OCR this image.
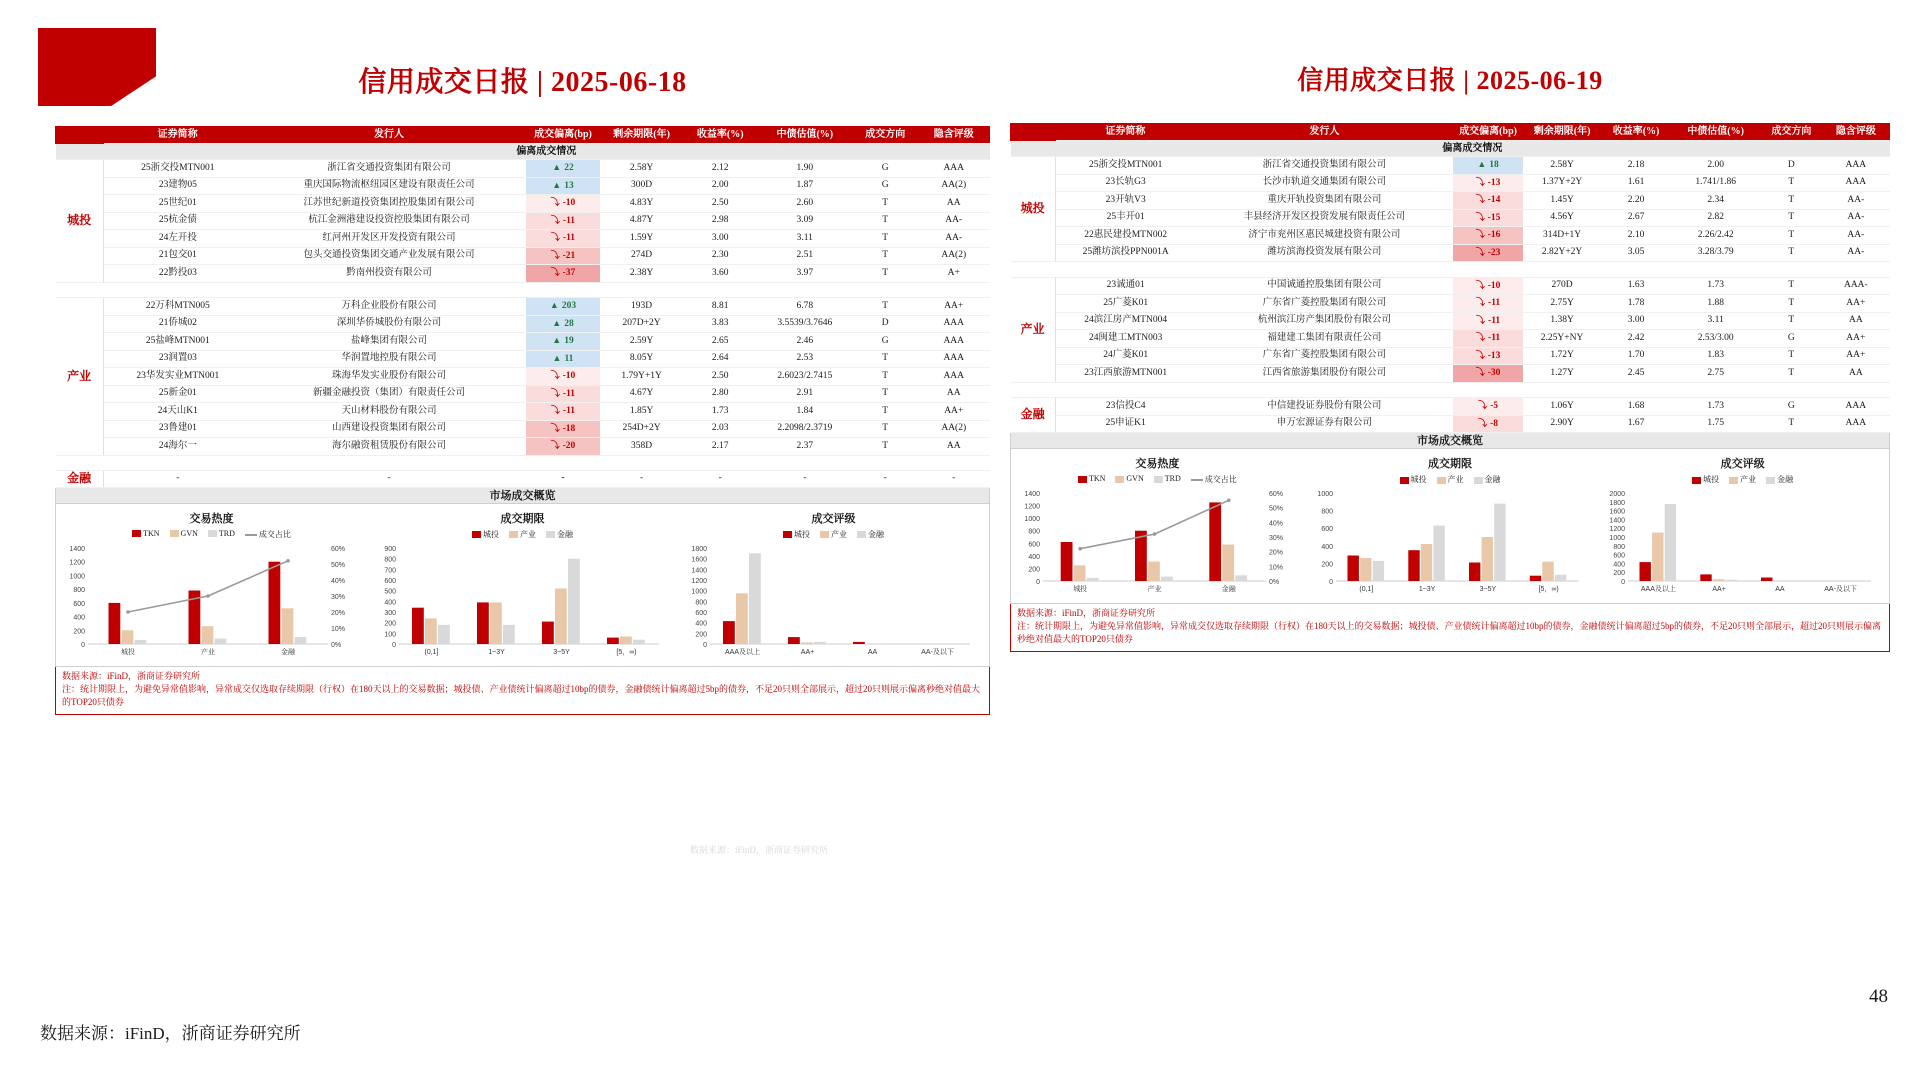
信用成交日报 | 2025-06-18
	证券简称	发行人	成交偏离(bp)	剩余期限(年)	收益率(%)	中债估值(%)	成交方向	隐含评级
	偏离成交情况							
城投	25浙交投MTN001	浙江省交通投资集团有限公司	▲ 22	2.58Y	2.12	1.90	G	AAA
	23建物05	重庆国际物流枢纽园区建设有限责任公司	▲ 13	300D	2.00	1.87	G	AA(2)
	25世纪01	江苏世纪新道投资集团控股集团有限公司	⤵ -10	4.83Y	2.50	2.60	T	AA
	25杭金债	杭江金洲港建设投资控股集团有限公司	⤵ -11	4.87Y	2.98	3.09	T	AA-
	24左开投	红河州开发区开发投资有限公司	⤵ -11	1.59Y	3.00	3.11	T	AA-
	21包交01	包头交通投资集团交通产业发展有限公司	⤵ -21	274D	2.30	2.51	T	AA(2)
	22黔投03	黔南州投资有限公司	⤵ -37	2.38Y	3.60	3.97	T	A+

产业	22万科MTN005	万科企业股份有限公司	▲ 203	193D	8.81	6.78	T	AA+
	21侨城02	深圳华侨城股份有限公司	▲ 28	207D+2Y	3.83	3.5539/3.7646	D	AAA
	25盐峰MTN001	盐峰集团有限公司	▲ 19	2.59Y	2.65	2.46	G	AAA
	23润置03	华润置地控股有限公司	▲ 11	8.05Y	2.64	2.53	T	AAA
	23华发实业MTN001	珠海华发实业股份有限公司	⤵ -10	1.79Y+1Y	2.50	2.6023/2.7415	T	AAA
	25新金01	新疆金融投资（集团）有限责任公司	⤵ -11	4.67Y	2.80	2.91	T	AA
	24天山K1	天山材料股份有限公司	⤵ -11	1.85Y	1.73	1.84	T	AA+
	23鲁建01	山西建设投资集团有限公司	⤵ -18	254D+2Y	2.03	2.2098/2.3719	T	AA(2)
	24海尔一	海尔融资租赁股份有限公司	⤵ -20	358D	2.17	2.37	T	AA

金融	-	-	-	-	-	-	-	-
市场成交概览
交易热度
TKN	GVN	TRD	成交占比
1400
1200
1000
800
600
400
200
0
60%
50%
40%
30%
20%
10%
0%
城投	产业	金融
成交期限
城投	产业	金融
900
800
700
600
500
400
300
200
100
0
(0,1]	1~3Y	3~5Y	[5，∞)
成交评级
城投	产业	金融
1800
1600
1400
1200
1000
800
600
400
200
0
AAA及以上	AA+	AA	AA-及以下
数据来源：iFinD，浙商证券研究所
注：统计期限上，为避免异常值影响，异常成交仅选取存续期限（行权）在180天以上的交易数据；城投债、产业债统计偏离超过10bp的债券，金融债统计偏离超过5bp的债券，不足20只则全部展示，超过20只则展示偏离秒绝对值最大的TOP20只债券
信用成交日报 | 2025-06-19
	证券简称	发行人	成交偏离(bp)	剩余期限(年)	收益率(%)	中债估值(%)	成交方向	隐含评级
	偏离成交情况							
城投	25浙交投MTN001	浙江省交通投资集团有限公司	▲ 18	2.58Y	2.18	2.00	D	AAA
	23长轨G3	长沙市轨道交通集团有限公司	⤵ -13	1.37Y+2Y	1.61	1.741/1.86	T	AAA
	23开轨V3	重庆开轨投资集团有限公司	⤵ -14	1.45Y	2.20	2.34	T	AA-
	25丰开01	丰县经济开发区投资发展有限责任公司	⤵ -15	4.56Y	2.67	2.82	T	AA-
	22惠民建投MTN002	济宁市兖州区惠民城建投资有限公司	⤵ -16	314D+1Y	2.10	2.26/2.42	T	AA-
	25潍坊滨投PPN001A	潍坊滨海投资发展有限公司	⤵ -23	2.82Y+2Y	3.05	3.28/3.79	T	AA-

产业	23诚通01	中国诚通控股集团有限公司	⤵ -10	270D	1.63	1.73	T	AAA-
	25广菱K01	广东省广菱控股集团有限公司	⤵ -11	2.75Y	1.78	1.88	T	AA+
	24滨江房产MTN004	杭州滨江房产集团股份有限公司	⤵ -11	1.38Y	3.00	3.11	T	AA
	24闽建工MTN003	福建建工集团有限责任公司	⤵ -11	2.25Y+NY	2.42	2.53/3.00	G	AA+
	24广菱K01	广东省广菱控股集团有限公司	⤵ -13	1.72Y	1.70	1.83	T	AA+
	23江西旅游MTN001	江西省旅游集团股份有限公司	⤵ -30	1.27Y	2.45	2.75	T	AA

金融	23信投C4	中信建投证券股份有限公司	⤵ -5	1.06Y	1.68	1.73	G	AAA
	25申证K1	申万宏源证券有限公司	⤵ -8	2.90Y	1.67	1.75	T	AAA
市场成交概览
交易热度
TKN	GVN	TRD	成交占比
1400
1200
1000
800
600
400
200
0
60%
50%
40%
30%
20%
10%
0%
城投	产业	金融
成交期限
城投	产业	金融
1000
800
600
400
200
0
(0,1]	1~3Y	3~5Y	[5，∞)
成交评级
城投	产业	金融
2000
1800
1600
1400
1200
1000
800
600
400
200
0
AAA及以上	AA+	AA	AA-及以下
数据来源：iFinD，浙商证券研究所
注：统计期限上，为避免异常值影响，异常成交仅选取存续期限（行权）在180天以上的交易数据；城投债、产业债统计偏离超过10bp的债券，金融债统计偏离超过5bp的债券，不足20只则全部展示，超过20只则展示偏离秒绝对值最大的TOP20只债券
数据来源：iFinD，浙商证券研究所
数据来源：iFinD，浙商证券研究所
48
